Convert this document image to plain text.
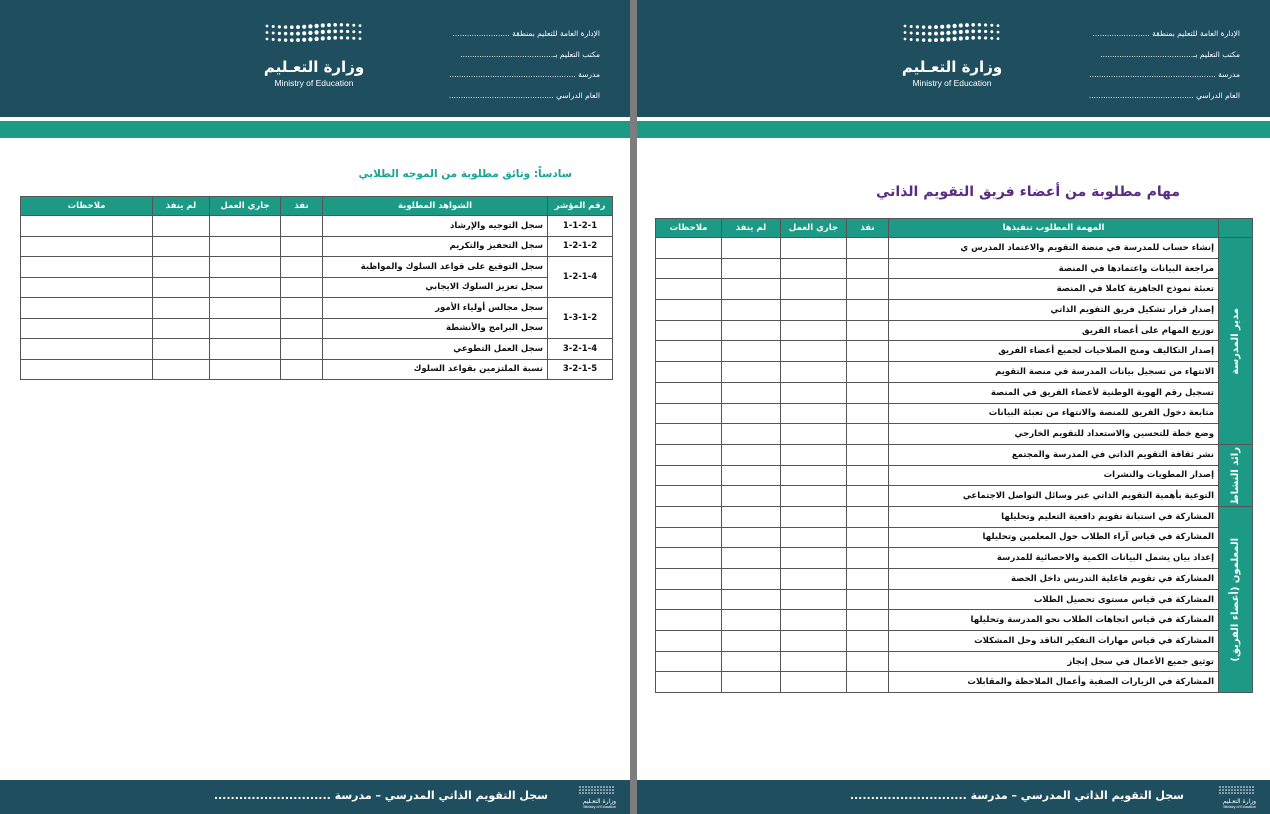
الإدارة العامة للتعليم بمنطقة ........................
مكتب التعليم بـ.......................................
مدرسة .....................................................
العام الدراسي ............................................
وزارة التعـليم
Ministry of Education
مهام مطلوبة من أعضاء فريق التقويم الذاتي
	المهمة المطلوب تنفيذها	نفذ	جاري العمل	لم ينفذ	ملاحظات

مدير المدرسة	إنشاء حساب للمدرسة في منصة التقويم والاعتماد المدرس ي				
	مراجعة البيانات واعتمادها في المنصة				
	تعبئة نموذج الجاهزية كاملا في المنصة				
	إصدار قرار تشكيل فريق التقويم الذاتي				
	توزيع المهام على أعضاء الفريق				
	إصدار التكاليف ومنح الصلاحيات لجميع أعضاء الفريق				
	الانتهاء من تسجيل بيانات المدرسة في منصة التقويم				
	تسجيل رقم الهوية الوطنية لأعضاء الفريق في المنصة				
	متابعة دخول الفريق للمنصة والانتهاء من تعبئة البيانات				
	وضع خطة للتحسين والاستعداد للتقويم الخارجي				

رائد النشاط	نشر ثقافة التقويم الذاتي في المدرسة والمجتمع				
	إصدار المطويات والنشرات				
	التوعية بأهمية التقويم الذاتي عبر وسائل التواصل الاجتماعي				

المعلمون (أعضاء الفريق)	المشاركة في استبانة تقويم دافعية التعليم وتحليلها				
	المشاركة في قياس آراء الطلاب حول المعلمين وتحليلها				
	إعداد بيان يشمل البيانات الكمية والاحصائية للمدرسة				
	المشاركة في تقويم فاعلية التدريس داخل الحصة				
	المشاركة في قياس مستوى تحصيل الطلاب				
	المشاركة في قياس اتجاهات الطلاب نحو المدرسة وتحليلها				
	المشاركة في قياس مهارات التفكير الناقد وحل المشكلات				
	توثيق جميع الأعمال في سجل إنجاز				
	المشاركة في الزيارات الصفية وأعمال الملاحظة والمقابلات				
سجل التقويم الذاتي المدرسي – مدرسة ............................	وزارة التعـليم
Ministry of Education
الإدارة العامة للتعليم بمنطقة ........................
مكتب التعليم بـ.......................................
مدرسة .....................................................
العام الدراسي ............................................
وزارة التعـليم
Ministry of Education
سادساً: وثائق مطلوبة من الموجه الطلابي
رقم المؤشر	الشواهد المطلوبة	نفذ	جاري العمل	لم ينفذ	ملاحظات
1-1-2-1	سجل التوجيه والإرشاد				
1-2-1-2	سجل التحفيز والتكريم				
1-2-1-4	سجل التوقيع على قواعد السلوك والمواظبة				
	سجل تعزيز السلوك الايجابي				
1-3-1-2	سجل مجالس أولياء الأمور				
	سجل البرامج والأنشطة				
3-2-1-4	سجل العمل التطوعي				
3-2-1-5	نسبة الملتزمين بقواعد السلوك				
سجل التقويم الذاتي المدرسي – مدرسة ............................	وزارة التعـليم
Ministry of Education
